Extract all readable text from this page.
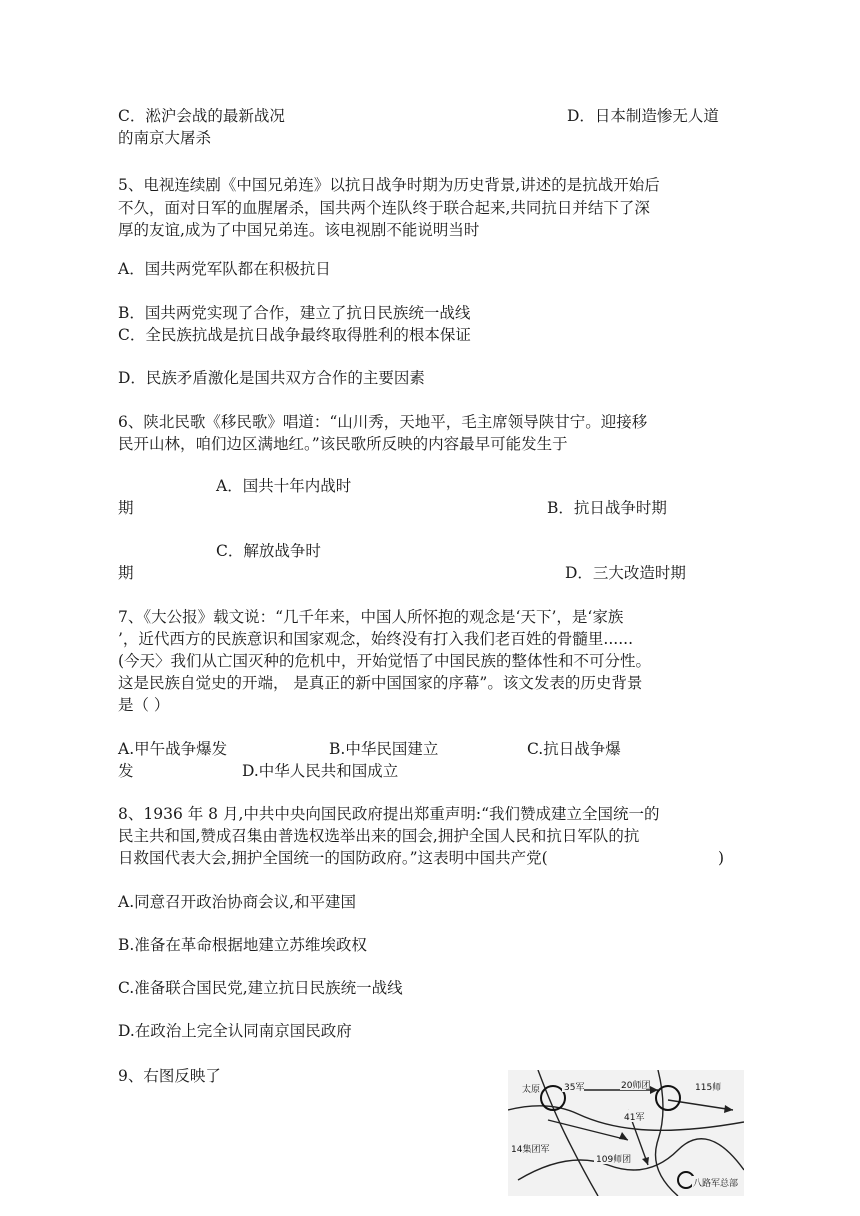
C．淞沪会战的最新战况	D．日本制造惨无人道
的南京大屠杀
5、电视连续剧《中国兄弟连》以抗日战争时期为历史背景,讲述的是抗战开始后
不久，面对日军的血腥屠杀，国共两个连队终于联合起来,共同抗日并结下了深
厚的友谊,成为了中国兄弟连。该电视剧不能说明当时
A．国共两党军队都在积极抗日
B．国共两党实现了合作，建立了抗日民族统一战线
C．全民族抗战是抗日战争最终取得胜利的根本保证
D．民族矛盾激化是国共双方合作的主要因素
6、陕北民歌《移民歌》唱道：“山川秀，天地平，毛主席领导陕甘宁。迎接移
民开山林，咱们边区满地红。”该民歌所反映的内容最早可能发生于
A．国共十年内战时
期	B．抗日战争时期
C．解放战争时
期	D．三大改造时期
7、《大公报》载文说：“几千年来，中国人所怀抱的观念是‘天下’，是‘家族
’，近代西方的民族意识和国家观念，始终没有打入我们老百姓的骨髓里......
(今天〉我们从亡国灭种的危机中，开始觉悟了中国民族的整体性和不可分性。
这是民族自觉史的开端， 是真正的新中国国家的序幕”。该文发表的历史背景
是（ ）
A.甲午战争爆发	B.中华民国建立	C.抗日战争爆
发	D.中华人民共和国成立
8、1936 年 8 月,中共中央向国民政府提出郑重声明:“我们赞成建立全国统一的
民主共和国,赞成召集由普选权选举出来的国会,拥护全国人民和抗日军队的抗
日救国代表大会,拥护全国统一的国防政府。”这表明中国共产党(	)
A.同意召开政治协商会议,和平建国
B.准备在革命根据地建立苏维埃政权
C.准备联合国民党,建立抗日民族统一战线
D.在政治上完全认同南京国民政府
9、右图反映了
太原	35军	20师团	115师
41军
14集团军
109师团
八路军总部
